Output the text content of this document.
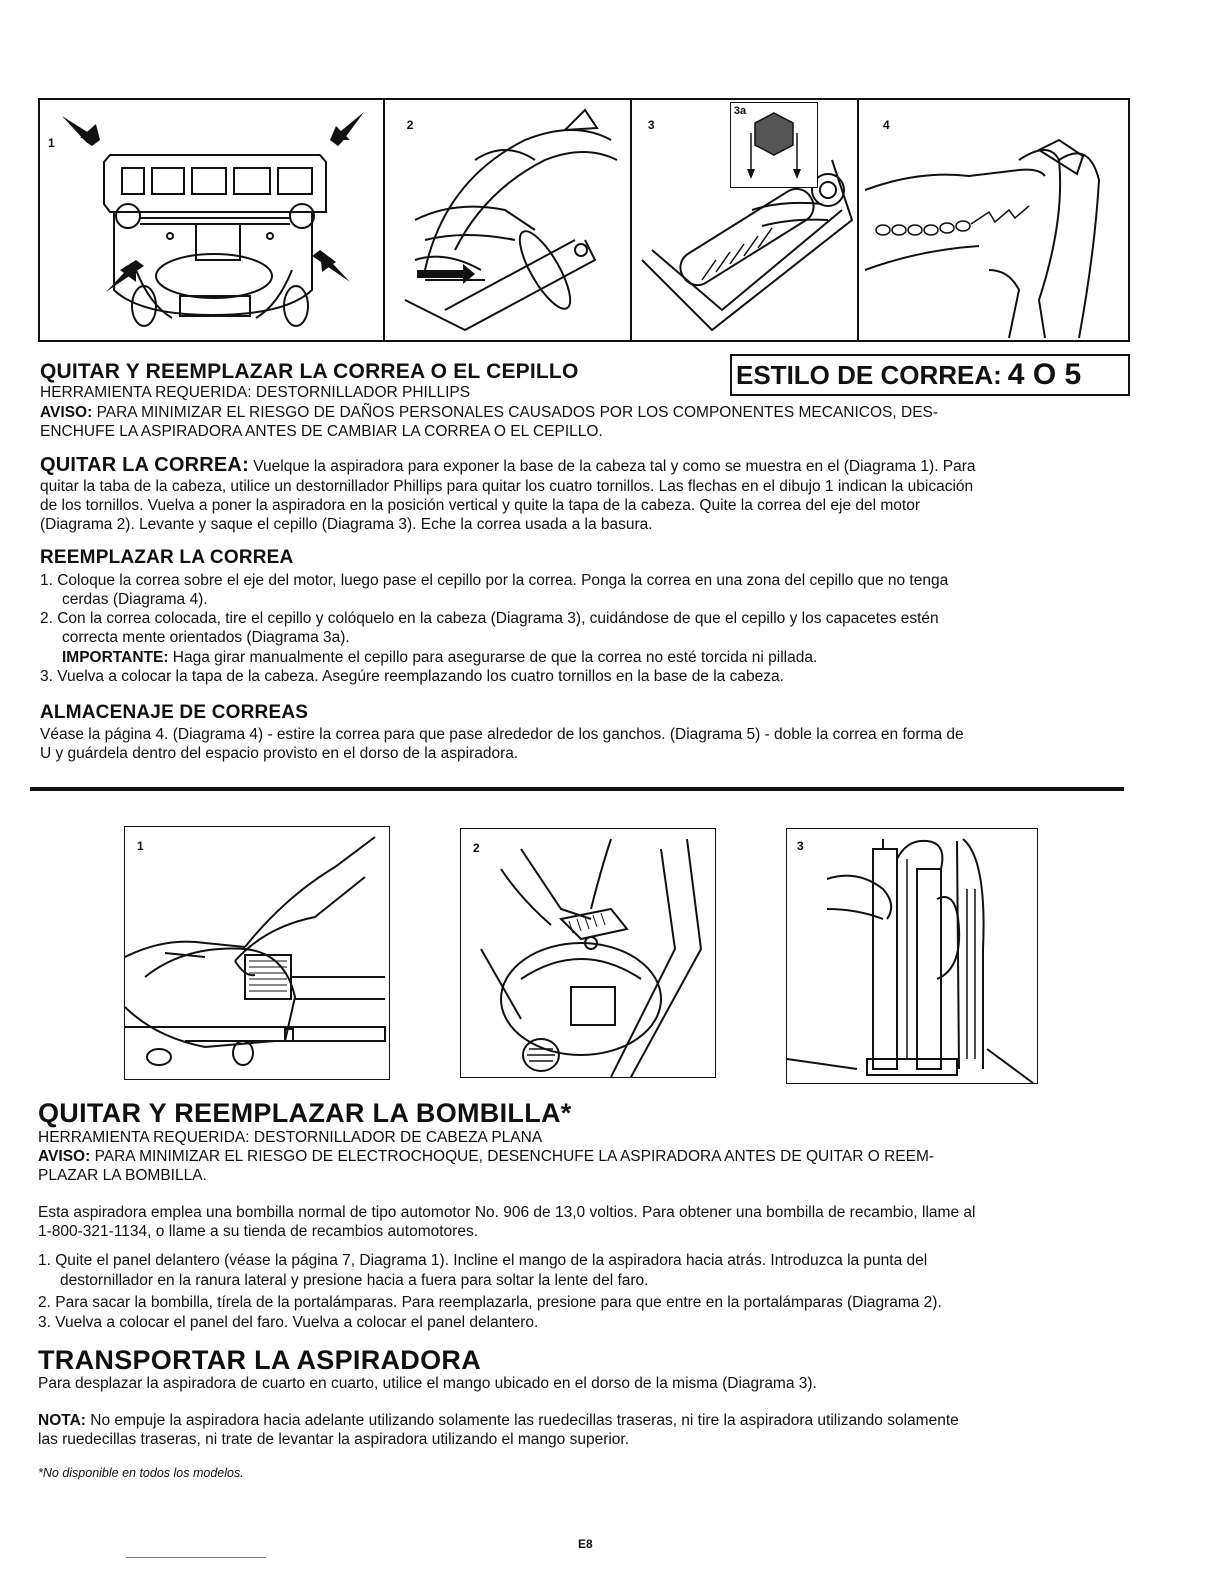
1
2	3
3a
4
QUITAR Y REEMPLAZAR LA CORREA O EL CEPILLO
HERRAMIENTA REQUERIDA: DESTORNILLADOR PHILLIPS
ESTILO DE CORREA: 4 O 5
AVISO: PARA MINIMIZAR EL RIESGO DE DAÑOS PERSONALES CAUSADOS POR LOS COMPONENTES MECANICOS, DES-
ENCHUFE LA ASPIRADORA ANTES DE CAMBIAR LA CORREA O EL CEPILLO.
QUITAR LA CORREA: Vuelque la aspiradora para exponer la base de la cabeza tal y como se muestra en el (Diagrama 1). Para
quitar la taba de la cabeza, utilice un destornillador Phillips para quitar los cuatro tornillos. Las flechas en el dibujo 1 indican la ubicación
de los tornillos. Vuelva a poner la aspiradora en la posición vertical y quite la tapa de la cabeza. Quite la correa del eje del motor
(Diagrama 2). Levante y saque el cepillo (Diagrama 3). Eche la correa usada a la basura.
REEMPLAZAR LA CORREA
1. Coloque la correa sobre el eje del motor, luego pase el cepillo por la correa. Ponga la correa en una zona del cepillo que no tenga
cerdas (Diagrama 4).
2. Con la correa colocada, tire el cepillo y colóquelo en la cabeza (Diagrama 3), cuidándose de que el cepillo y los capacetes estén
correcta mente orientados (Diagrama 3a).
IMPORTANTE: Haga girar manualmente el cepillo para asegurarse de que la correa no esté torcida ni pillada.
3. Vuelva a colocar la tapa de la cabeza. Asegúre reemplazando los cuatro tornillos en la base de la cabeza.
ALMACENAJE DE CORREAS
Véase la página 4. (Diagrama 4) - estire la correa para que pase alrededor de los ganchos. (Diagrama 5) - doble la correa en forma de
U y guárdela dentro del espacio provisto en el dorso de la aspiradora.
1	2	3
QUITAR Y REEMPLAZAR LA BOMBILLA*
HERRAMIENTA REQUERIDA: DESTORNILLADOR DE CABEZA PLANA
AVISO: PARA MINIMIZAR EL RIESGO DE ELECTROCHOQUE, DESENCHUFE LA ASPIRADORA ANTES DE QUITAR O REEM-
PLAZAR LA BOMBILLA.
Esta aspiradora emplea una bombilla normal de tipo automotor No. 906 de 13,0 voltios. Para obtener una bombilla de recambio, llame al
1-800-321-1134, o llame a su tienda de recambios automotores.
1. Quite el panel delantero (véase la página 7, Diagrama 1). Incline el mango de la aspiradora hacia atrás. Introduzca la punta del
destornillador en la ranura lateral y presione hacia a fuera para soltar la lente del faro.
2. Para sacar la bombilla, tírela de la portalámparas. Para reemplazarla, presione para que entre en la portalámparas (Diagrama 2).
3. Vuelva a colocar el panel del faro. Vuelva a colocar el panel delantero.
TRANSPORTAR LA ASPIRADORA
Para desplazar la aspiradora de cuarto en cuarto, utilice el mango ubicado en el dorso de la misma (Diagrama 3).
NOTA: No empuje la aspiradora hacia adelante utilizando solamente las ruedecillas traseras, ni tire la aspiradora utilizando solamente
las ruedecillas traseras, ni trate de levantar la aspiradora utilizando el mango superior.
*No disponible en todos los modelos.
E8
